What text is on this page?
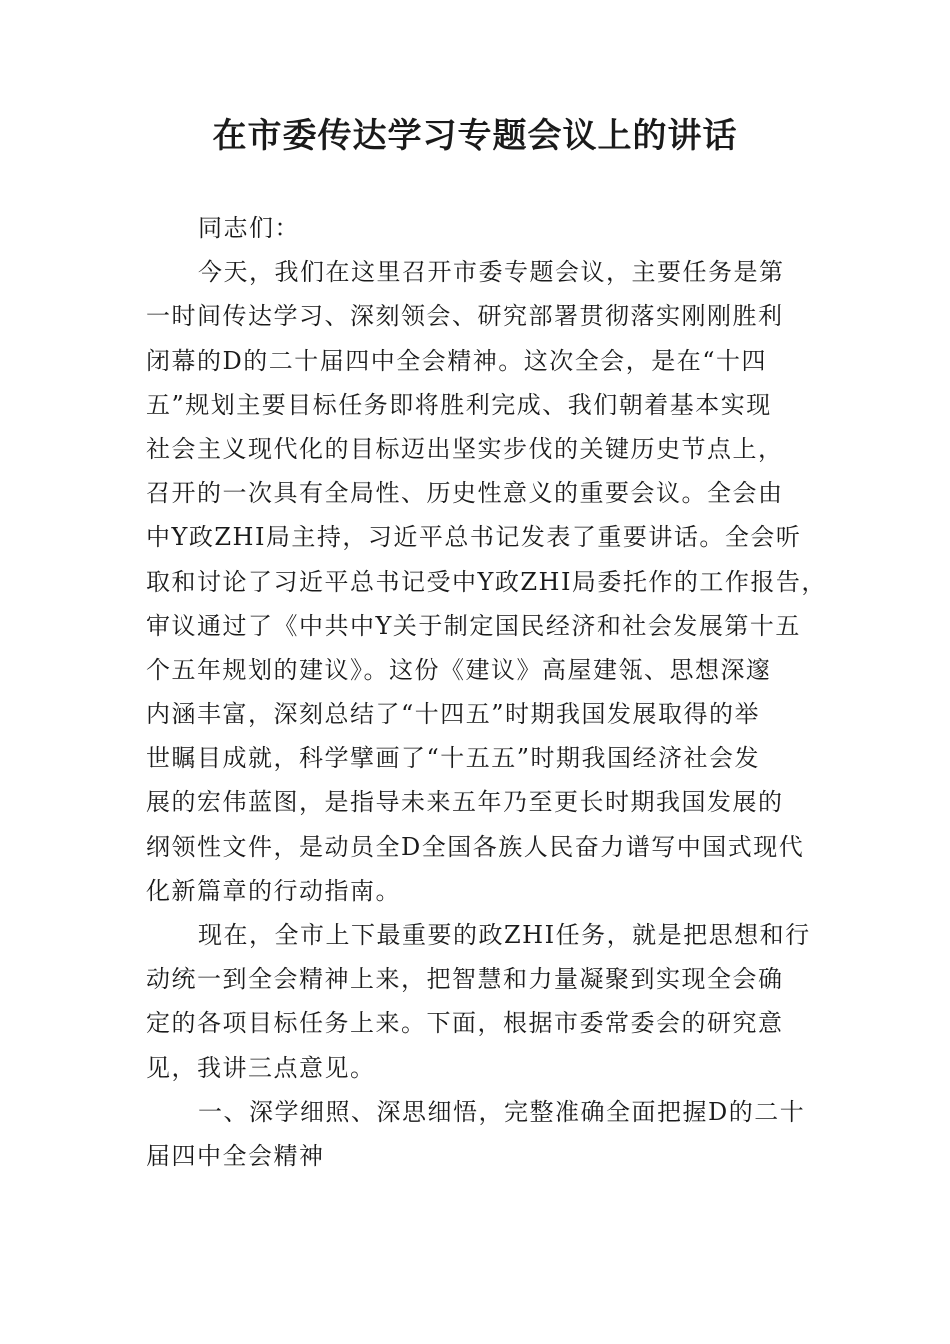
在市委传达学习专题会议上的讲话
同志们：
今天，我们在这里召开市委专题会议，主要任务是第
一时间传达学习、深刻领会、研究部署贯彻落实刚刚胜利
闭幕的D的二十届四中全会精神。这次全会，是在“十四
五”规划主要目标任务即将胜利完成、我们朝着基本实现
社会主义现代化的目标迈出坚实步伐的关键历史节点上，
召开的一次具有全局性、历史性意义的重要会议。全会由
中Y政ZHI局主持，习近平总书记发表了重要讲话。全会听
取和讨论了习近平总书记受中Y政ZHI局委托作的工作报告，
审议通过了《中共中Y关于制定国民经济和社会发展第十五
个五年规划的建议》。这份《建议》高屋建瓴、思想深邃
内涵丰富，深刻总结了“十四五”时期我国发展取得的举
世瞩目成就，科学擘画了“十五五”时期我国经济社会发
展的宏伟蓝图，是指导未来五年乃至更长时期我国发展的
纲领性文件，是动员全D全国各族人民奋力谱写中国式现代
化新篇章的行动指南。
现在，全市上下最重要的政ZHI任务，就是把思想和行
动统一到全会精神上来，把智慧和力量凝聚到实现全会确
定的各项目标任务上来。下面，根据市委常委会的研究意
见，我讲三点意见。
一、深学细照、深思细悟，完整准确全面把握D的二十
届四中全会精神
